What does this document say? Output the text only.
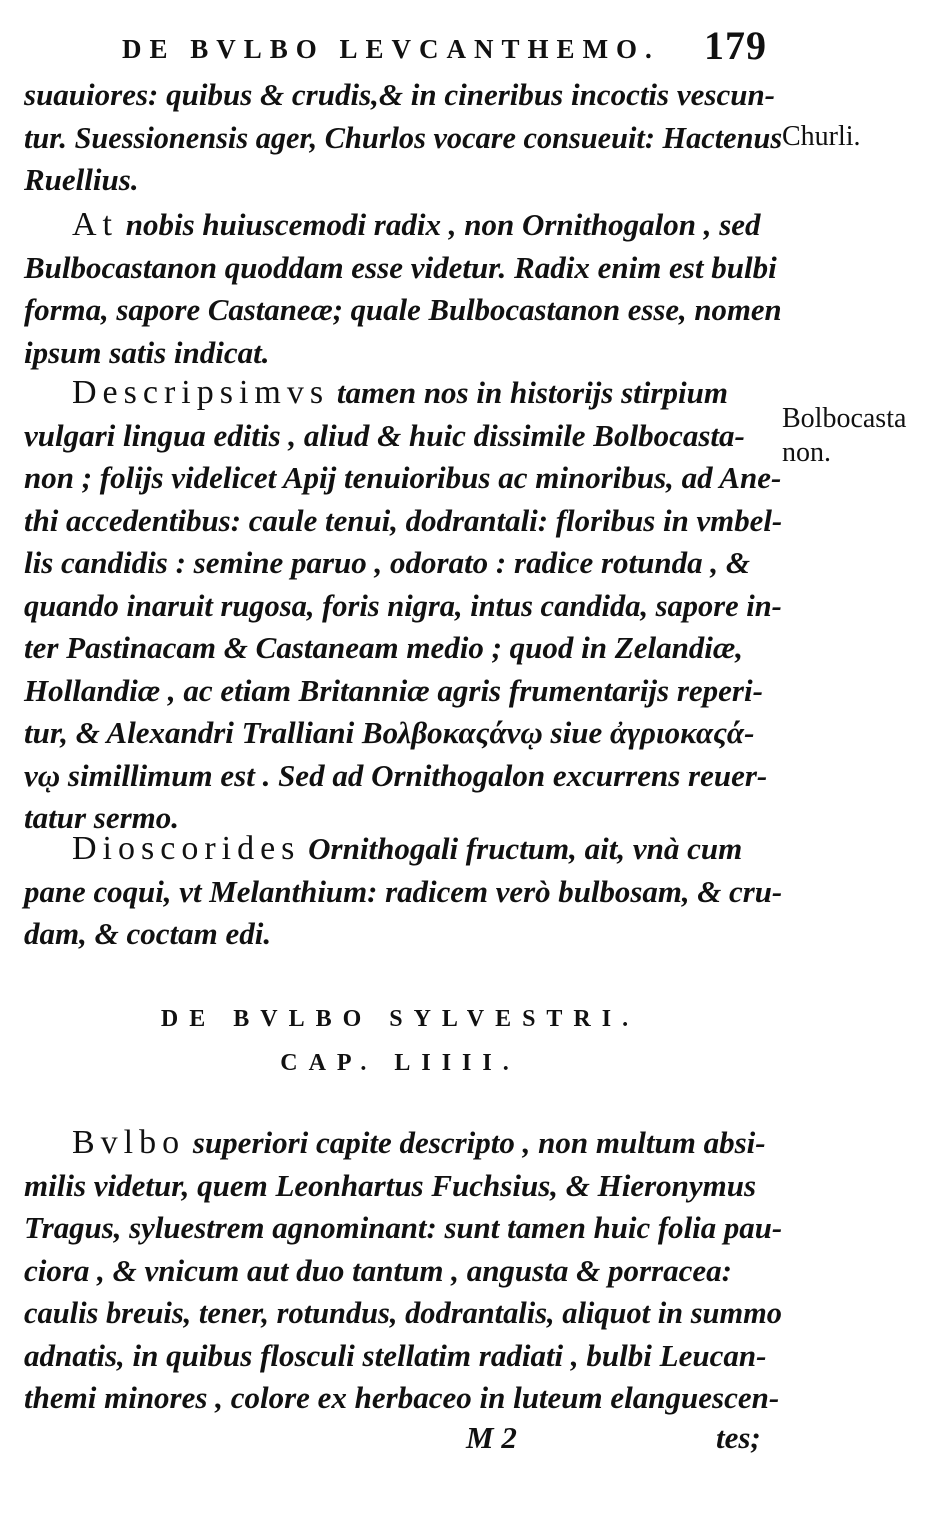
DE BVLBO LEVCANTHEMO. 179
suauiores: quibus & crudis,& in cineribus incoctis vescun-
tur. Suessionensis ager, Churlos vocare consueuit: Hactenus
Ruellius.
Churli.
At nobis huiuscemodi radix , non Ornithogalon , sed
Bulbocastanon quoddam esse videtur. Radix enim est bulbi
forma, sapore Castaneæ; quale Bulbocastanon esse, nomen
ipsum satis indicat.
Descripsimvs tamen nos in historijs stirpium
vulgari lingua editis , aliud & huic dissimile Bolbocasta-
non ; folijs videlicet Apij tenuioribus ac minoribus, ad Ane-
thi accedentibus: caule tenui, dodrantali: floribus in vmbel-
lis candidis : semine paruo , odorato : radice rotunda , &
quando inaruit rugosa, foris nigra, intus candida, sapore in-
ter Pastinacam & Castaneam medio ; quod in Zelandiæ,
Hollandiæ , ac etiam Britanniæ agris frumentarijs reperi-
tur, & Alexandri Tralliani Βολβοκαςάνῳ siue ἀγριοκαςά-
νῳ simillimum est . Sed ad Ornithogalon excurrens reuer-
tatur sermo.
Bolbocasta
non.
Dioscorides Ornithogali fructum, ait, vnà cum
pane coqui, vt Melanthium: radicem verò bulbosam, & cru-
dam, & coctam edi.
DE BVLBO SYLVESTRI.
CAP. LIIII.
Bvlbo superiori capite descripto , non multum absi-
milis videtur, quem Leonhartus Fuchsius, & Hieronymus
Tragus, syluestrem agnominant: sunt tamen huic folia pau-
ciora , & vnicum aut duo tantum , angusta & porracea:
caulis breuis, tener, rotundus, dodrantalis, aliquot in summo
adnatis, in quibus flosculi stellatim radiati , bulbi Leucan-
themi minores , colore ex herbaceo in luteum elanguescen-
M 2	tes;
